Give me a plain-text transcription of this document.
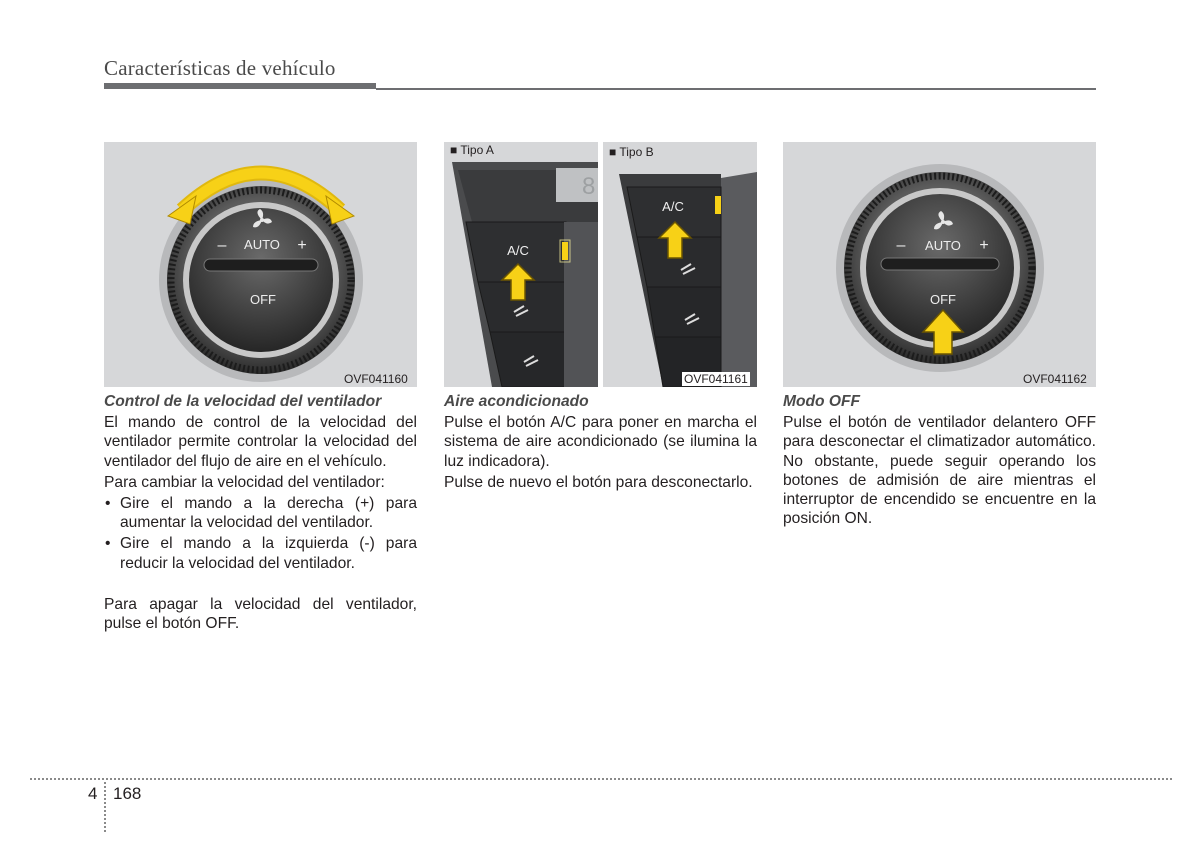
Características de vehículo
AUTO
–	+
OFF
OVF041160
8
A/C
■ Tipo A
A/C
■ Tipo B
OVF041161
AUTO
–	+
OFF
OVF041162
Control de la velocidad del ventilador

El mando de control de la velocidad del ventilador permite controlar la velocidad del ventilador del flujo de aire en el vehículo.

Para cambiar la velocidad del ventilador:

• Gire el mando a la derecha (+) para aumentar la velocidad del ventilador.
• Gire el mando a la izquierda (-) para reducir la velocidad del ventilador.

Para apagar la velocidad del ventilador, pulse el botón OFF.

Aire acondicionado

Pulse el botón A/C para poner en marcha el sistema de aire acondicionado (se ilumina la luz indicadora).

Pulse de nuevo el botón para desconectarlo.

Modo OFF

Pulse el botón de ventilador delantero OFF para desconectar el climatizador automático. No obstante, puede seguir operando los botones de admisión de aire mientras el interruptor de encendido se encuentre en la posición ON.

4 168
